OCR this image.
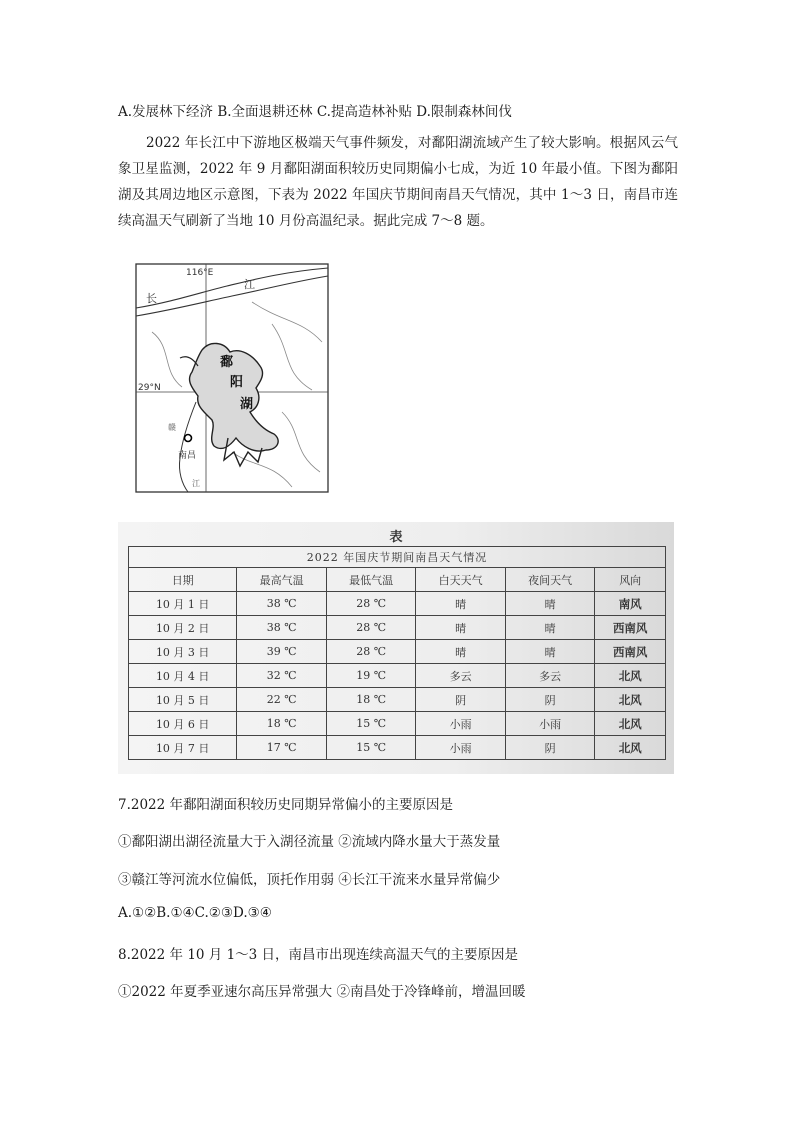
A.发展林下经济 B.全面退耕还林 C.提高造林补贴 D.限制森林间伐
2022 年长江中下游地区极端天气事件频发，对鄱阳湖流域产生了较大影响。根据风云气象卫星监测，2022 年 9 月鄱阳湖面积较历史同期偏小七成，为近 10 年最小值。下图为鄱阳湖及其周边地区示意图，下表为 2022 年国庆节期间南昌天气情况，其中 1～3 日，南昌市连续高温天气刷新了当地 10 月份高温纪录。据此完成 7～8 题。
116°E
29°N
长
江
鄱
阳
湖
南昌
赣
江
表
2022 年国庆节期间南昌天气情况					
日期	最高气温	最低气温	白天天气	夜间天气	风向
10 月 1 日	38 ℃	28 ℃	晴	晴	南风
10 月 2 日	38 ℃	28 ℃	晴	晴	西南风
10 月 3 日	39 ℃	28 ℃	晴	晴	西南风
10 月 4 日	32 ℃	19 ℃	多云	多云	北风
10 月 5 日	22 ℃	18 ℃	阴	阴	北风
10 月 6 日	18 ℃	15 ℃	小雨	小雨	北风
10 月 7 日	17 ℃	15 ℃	小雨	阴	北风
7.2022 年鄱阳湖面积较历史同期异常偏小的主要原因是
①鄱阳湖出湖径流量大于入湖径流量 ②流域内降水量大于蒸发量
③赣江等河流水位偏低，顶托作用弱 ④长江干流来水量异常偏少
A.①②B.①④C.②③D.③④
8.2022 年 10 月 1～3 日，南昌市出现连续高温天气的主要原因是
①2022 年夏季亚速尔高压异常强大 ②南昌处于冷锋峰前，增温回暖
